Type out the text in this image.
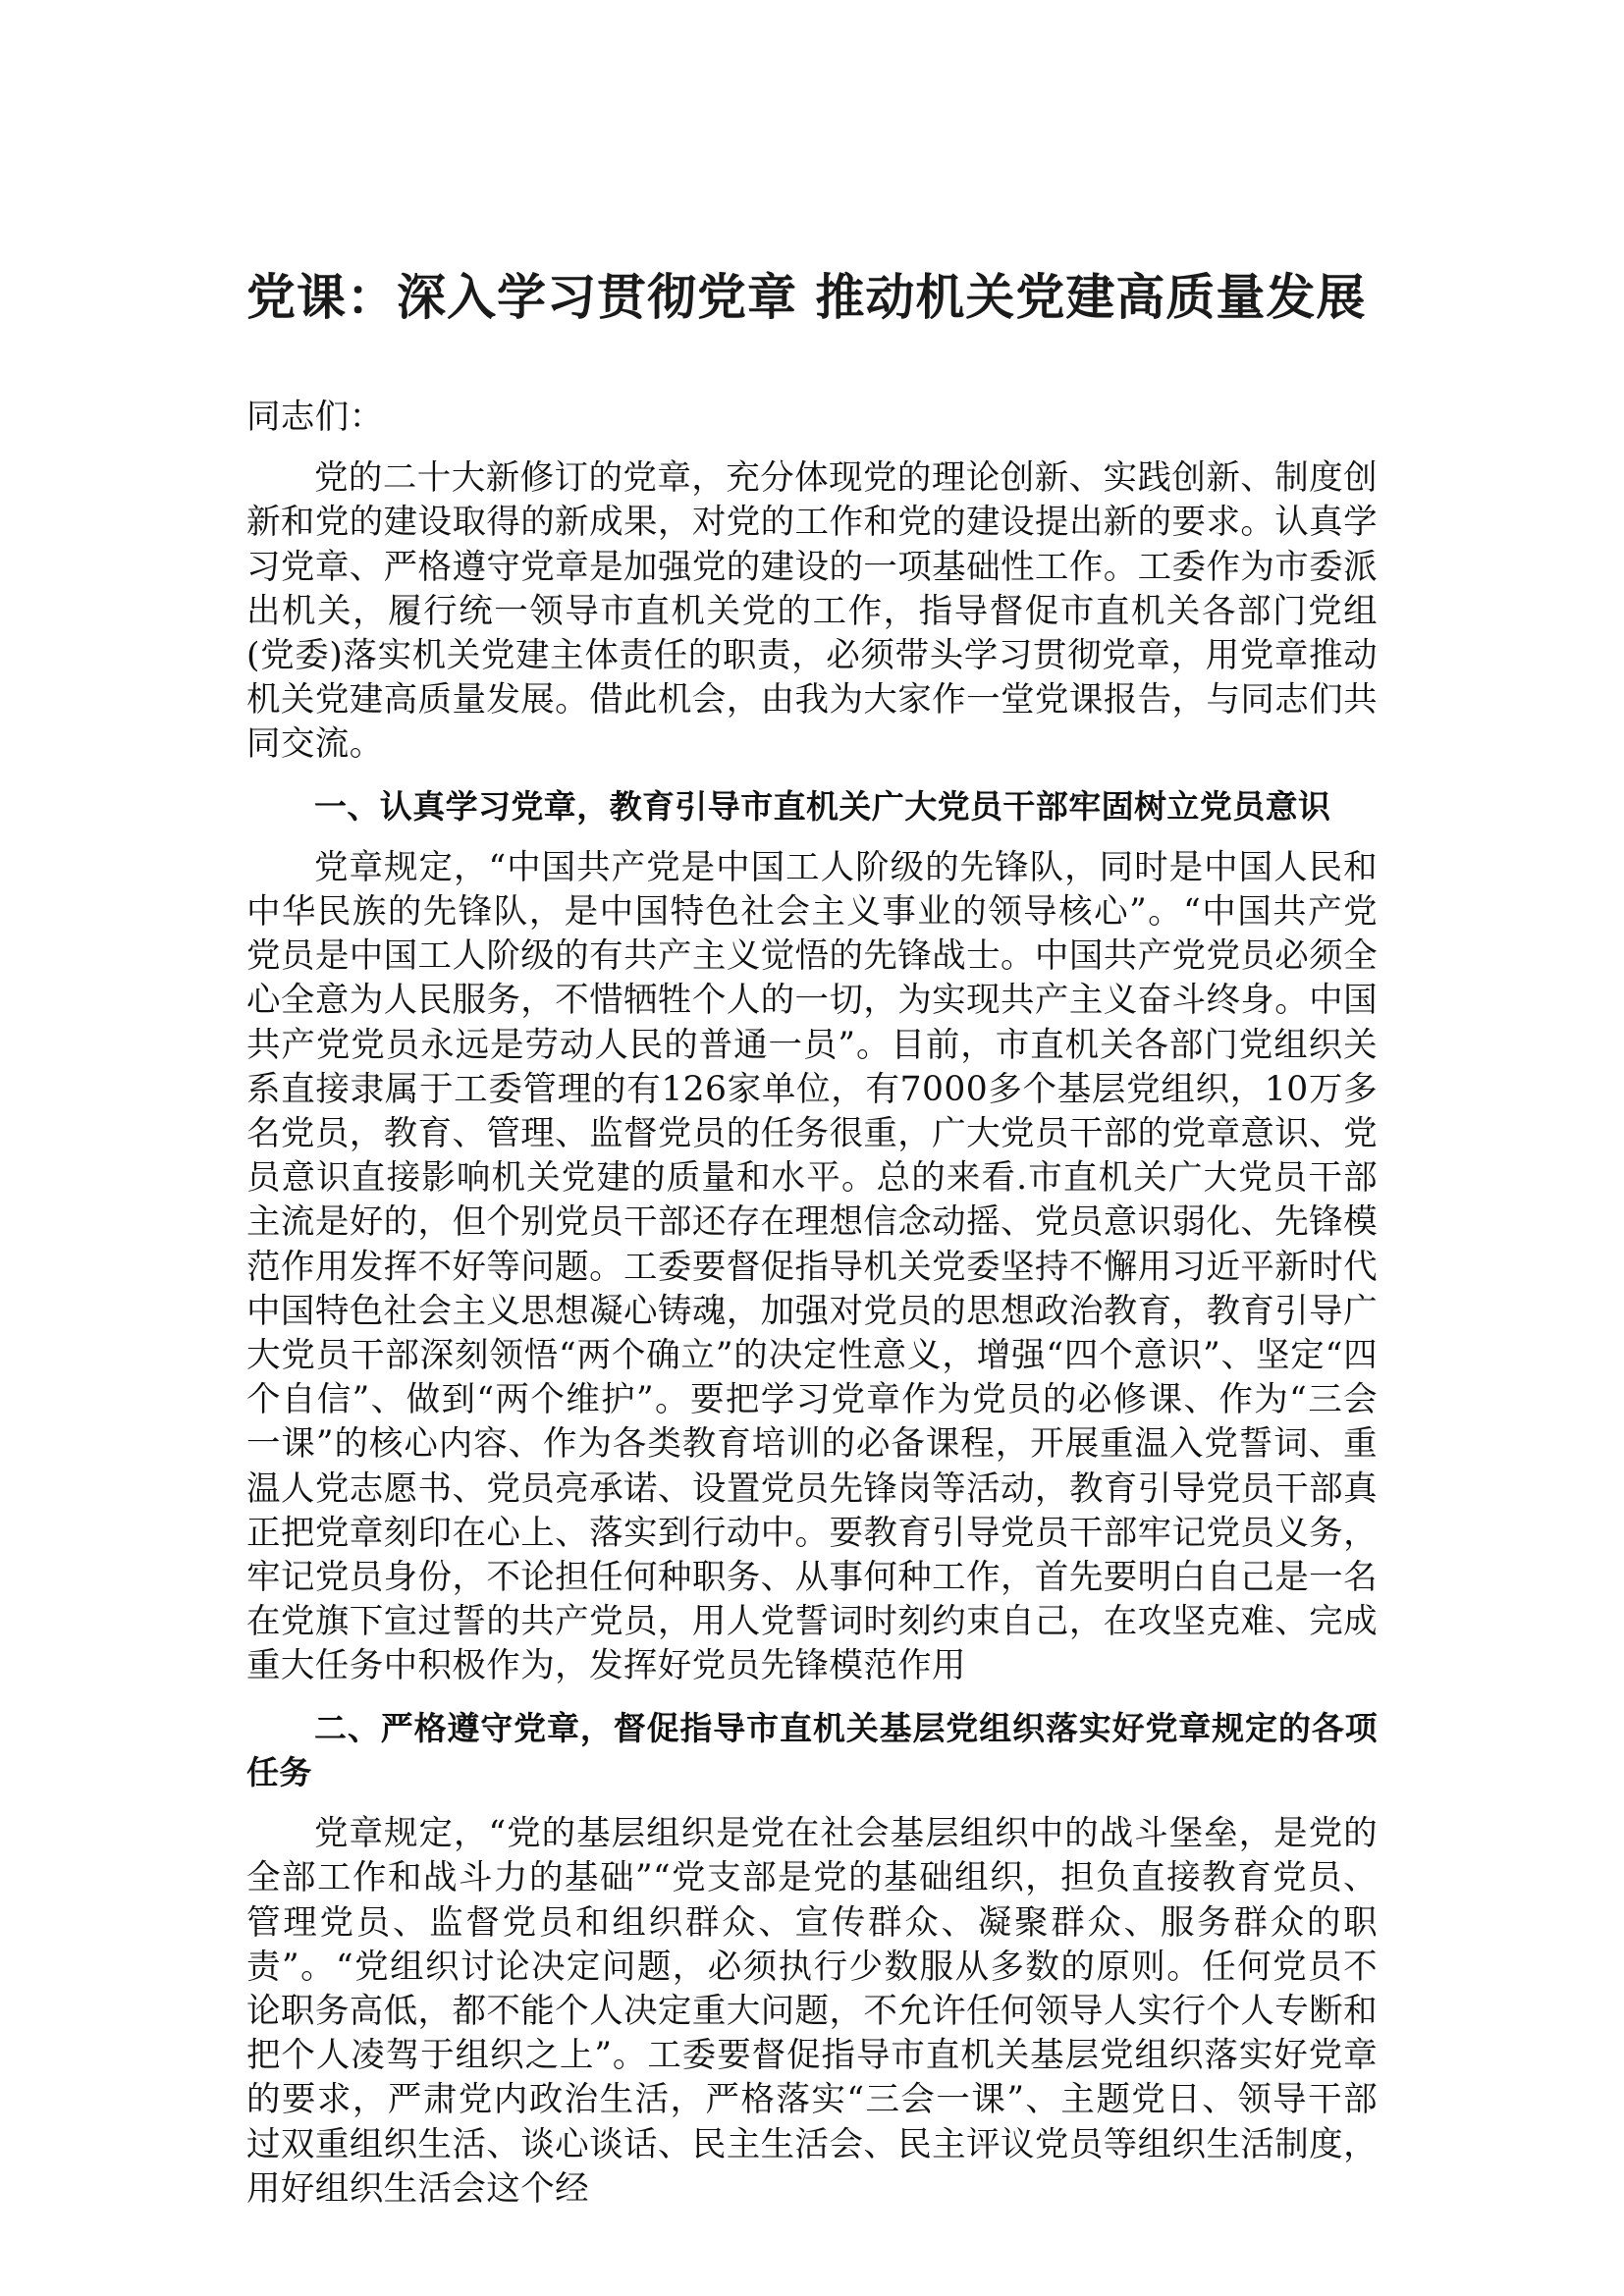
党课：深入学习贯彻党章 推动机关党建高质量发展

同志们：

党的二十大新修订的党章，充分体现党的理论创新、实践创新、制度创新和党的建设取得的新成果，对党的工作和党的建设提出新的要求。认真学习党章、严格遵守党章是加强党的建设的一项基础性工作。工委作为市委派出机关，履行统一领导市直机关党的工作，指导督促市直机关各部门党组(党委)落实机关党建主体责任的职责，必须带头学习贯彻党章，用党章推动机关党建高质量发展。借此机会，由我为大家作一堂党课报告，与同志们共同交流。

一、认真学习党章，教育引导市直机关广大党员干部牢固树立党员意识

党章规定，“中国共产党是中国工人阶级的先锋队，同时是中国人民和中华民族的先锋队，是中国特色社会主义事业的领导核心”。“中国共产党党员是中国工人阶级的有共产主义觉悟的先锋战士。中国共产党党员必须全心全意为人民服务，不惜牺牲个人的一切，为实现共产主义奋斗终身。中国共产党党员永远是劳动人民的普通一员”。目前，市直机关各部门党组织关系直接隶属于工委管理的有126家单位，有7000多个基层党组织，10万多名党员，教育、管理、监督党员的任务很重，广大党员干部的党章意识、党员意识直接影响机关党建的质量和水平。总的来看.市直机关广大党员干部主流是好的，但个别党员干部还存在理想信念动摇、党员意识弱化、先锋模范作用发挥不好等问题。工委要督促指导机关党委坚持不懈用习近平新时代中国特色社会主义思想凝心铸魂，加强对党员的思想政治教育，教育引导广大党员干部深刻领悟“两个确立”的决定性意义，增强“四个意识”、坚定“四个自信”、做到“两个维护”。要把学习党章作为党员的必修课、作为“三会一课”的核心内容、作为各类教育培训的必备课程，开展重温入党誓词、重温人党志愿书、党员亮承诺、设置党员先锋岗等活动，教育引导党员干部真正把党章刻印在心上、落实到行动中。要教育引导党员干部牢记党员义务，牢记党员身份，不论担任何种职务、从事何种工作，首先要明白自己是一名在党旗下宣过誓的共产党员，用人党誓词时刻约束自己，在攻坚克难、完成重大任务中积极作为，发挥好党员先锋模范作用

二、严格遵守党章，督促指导市直机关基层党组织落实好党章规定的各项任务

党章规定，“党的基层组织是党在社会基层组织中的战斗堡垒，是党的全部工作和战斗力的基础”“党支部是党的基础组织，担负直接教育党员、管理党员、监督党员和组织群众、宣传群众、凝聚群众、服务群众的职责”。“党组织讨论决定问题，必须执行少数服从多数的原则。任何党员不论职务高低，都不能个人决定重大问题，不允许任何领导人实行个人专断和把个人凌驾于组织之上”。工委要督促指导市直机关基层党组织落实好党章的要求，严肃党内政治生活，严格落实“三会一课”、主题党日、领导干部过双重组织生活、谈心谈话、民主生活会、民主评议党员等组织生活制度，用好组织生活会这个经
